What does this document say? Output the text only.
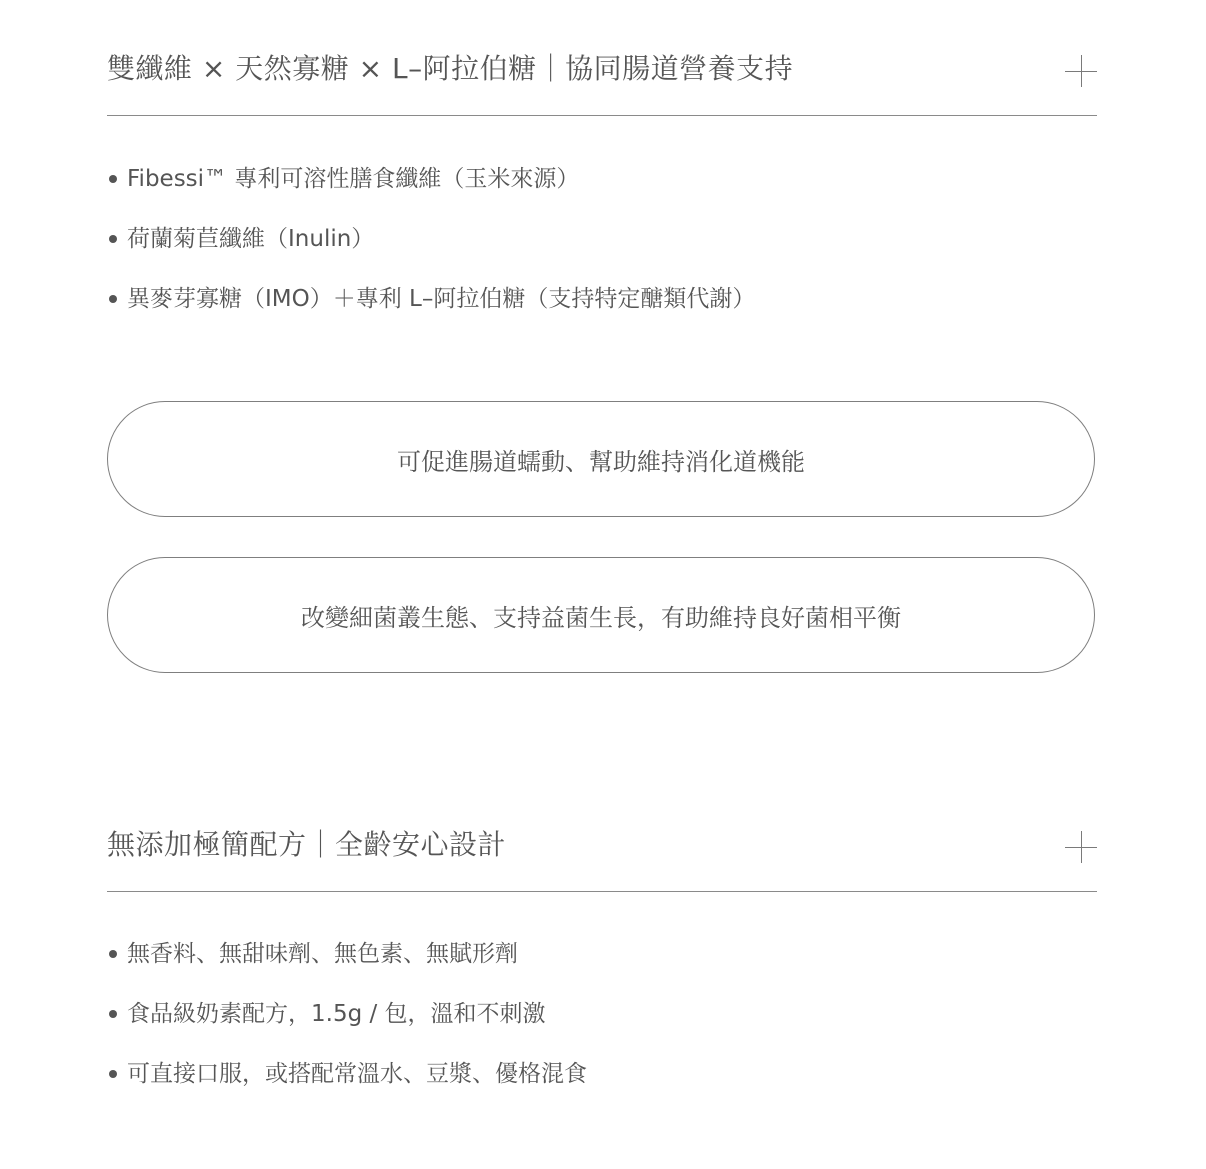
雙纖維 × 天然寡糖 × L–阿拉伯糖｜協同腸道營養支持
Fibessi™ 專利可溶性膳食纖維（玉米來源）
荷蘭菊苣纖維（Inulin）
異麥芽寡糖（IMO）＋專利 L–阿拉伯糖（支持特定醣類代謝）
可促進腸道蠕動、幫助維持消化道機能
改變細菌叢生態、支持益菌生長，有助維持良好菌相平衡
無添加極簡配方｜全齡安心設計
無香料、無甜味劑、無色素、無賦形劑
食品級奶素配方，1.5g / 包，溫和不刺激
可直接口服，或搭配常溫水、豆漿、優格混食
